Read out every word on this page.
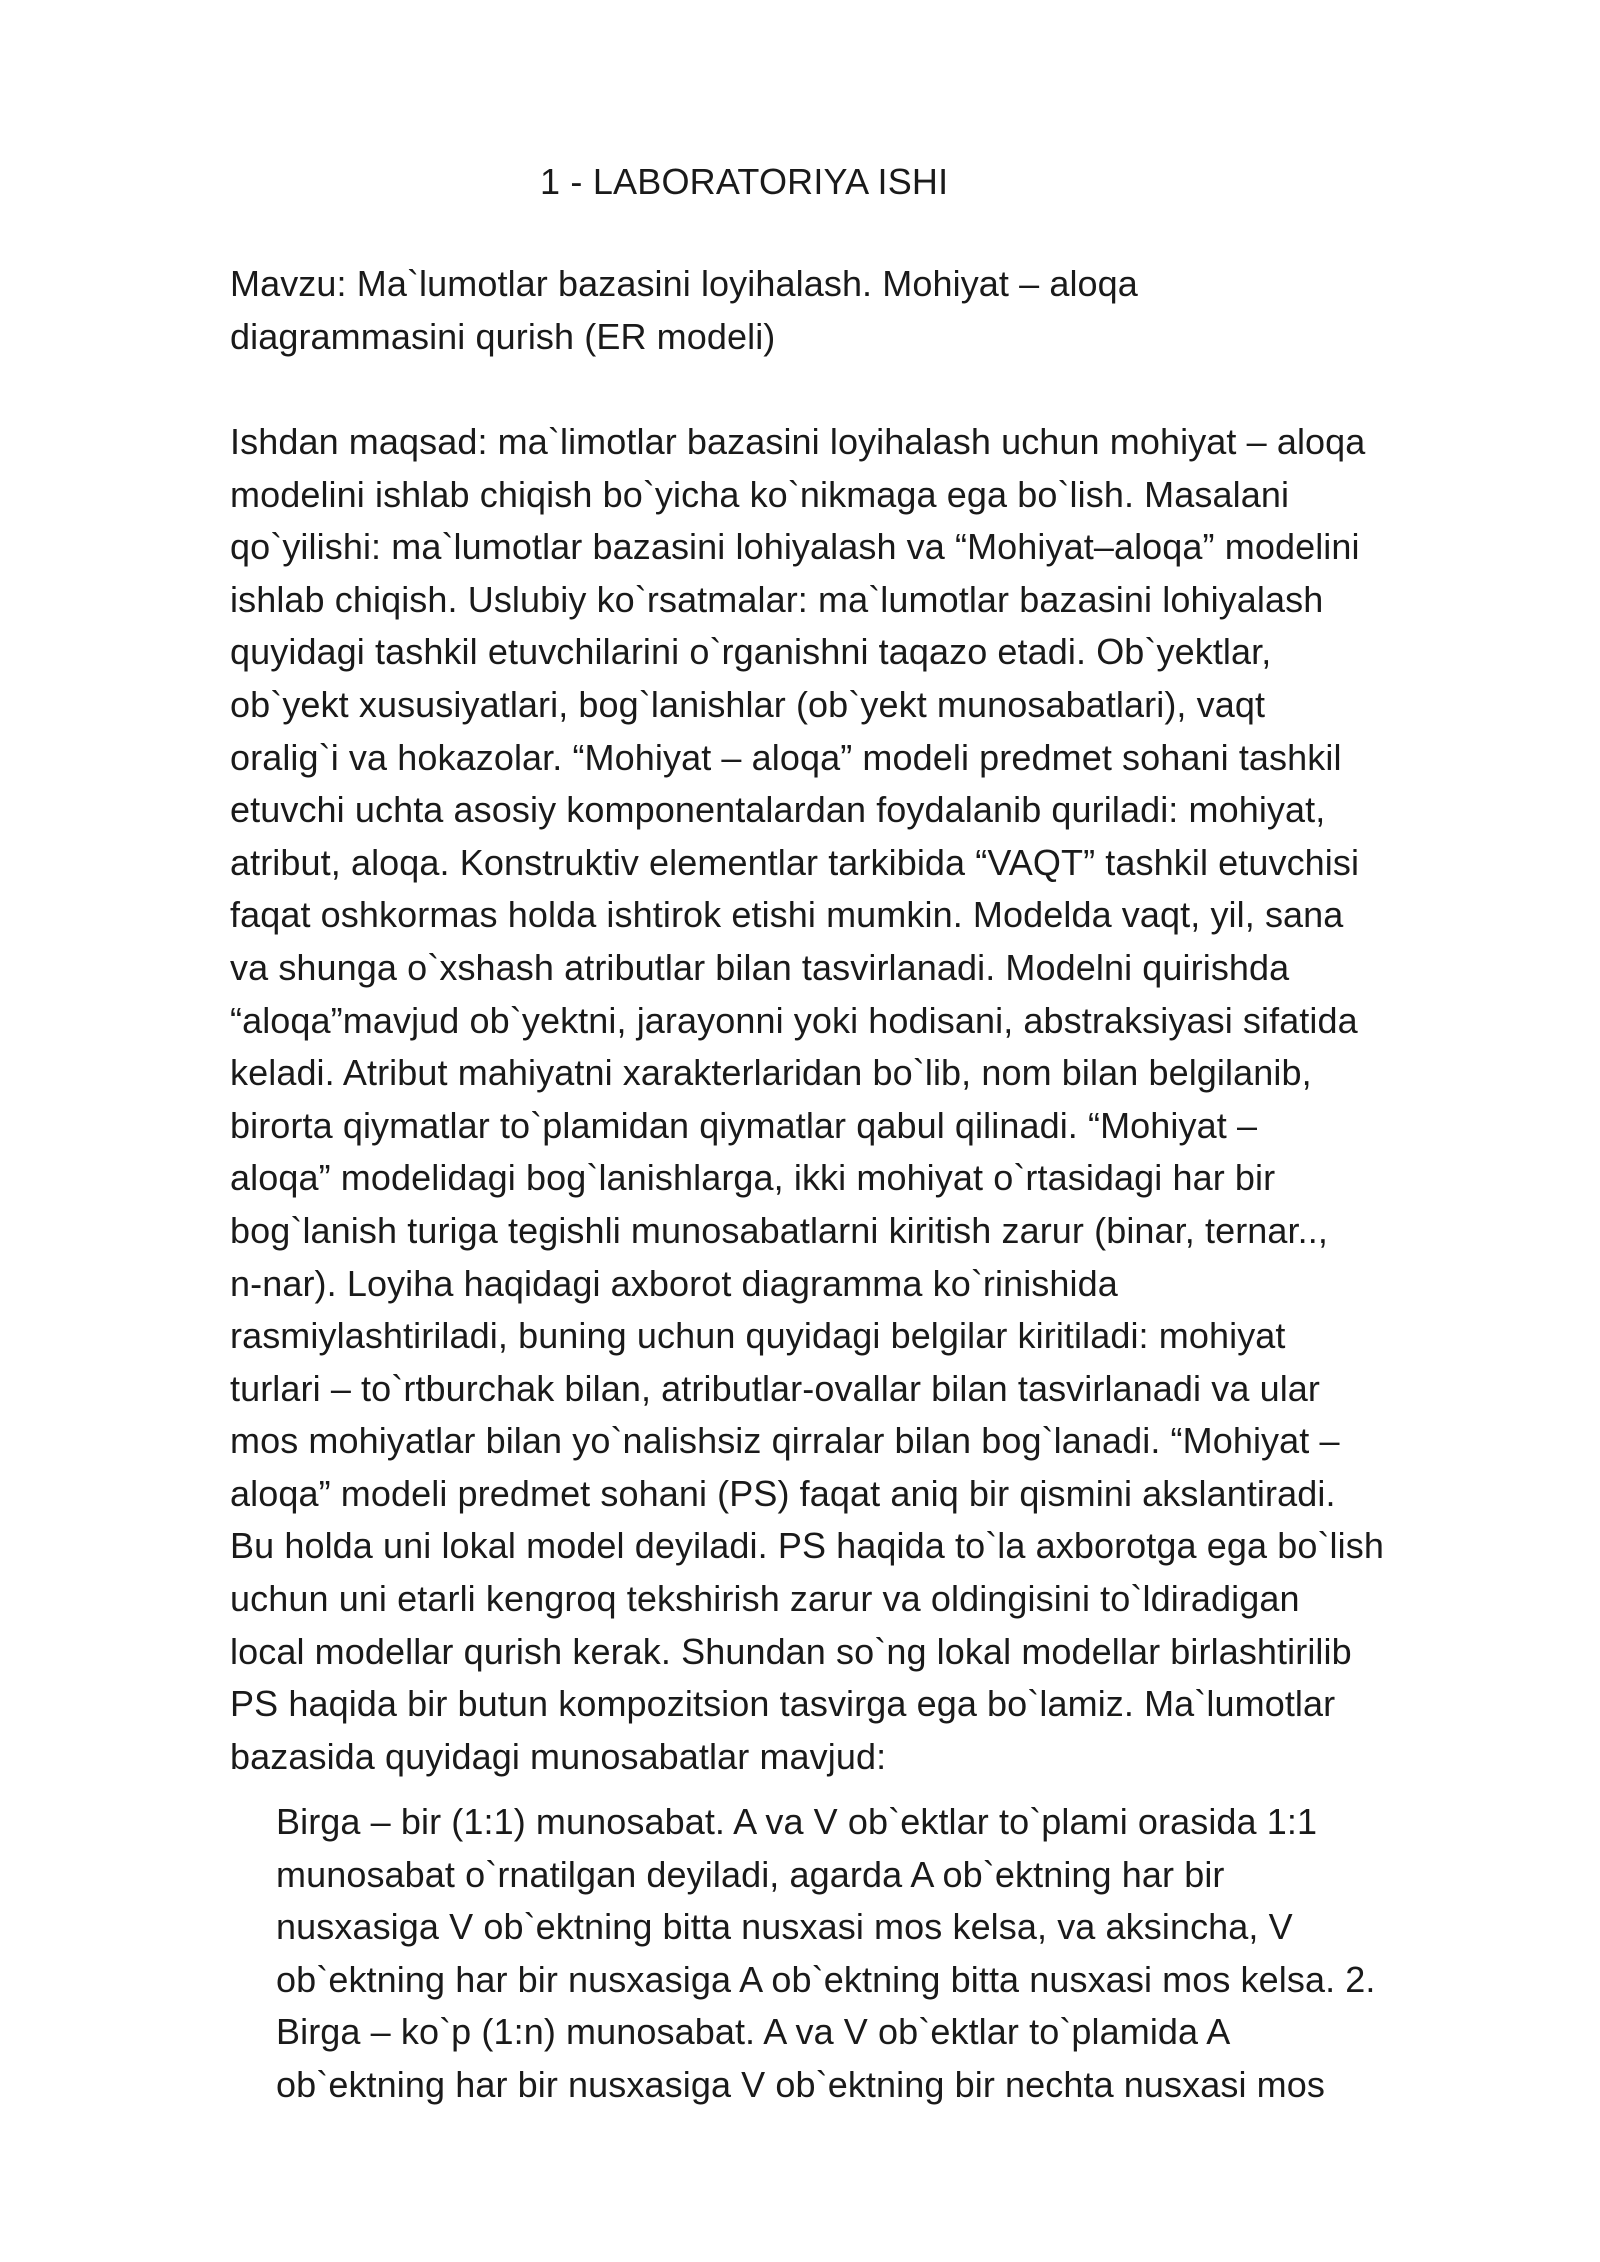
1 - LABORATORIYA ISHI

Mavzu: Ma`lumotlar bazasini loyihalash. Mohiyat – aloqa
diagrammasini qurish (ER modeli)

Ishdan maqsad: ma`limotlar bazasini loyihalash uchun mohiyat – aloqa
modelini ishlab chiqish bo`yicha ko`nikmaga ega bo`lish. Masalani
qo`yilishi: ma`lumotlar bazasini lohiyalash va “Mohiyat–aloqa” modelini
ishlab chiqish. Uslubiy ko`rsatmalar: ma`lumotlar bazasini lohiyalash
quyidagi tashkil etuvchilarini o`rganishni taqazo etadi. Ob`yektlar,
ob`yekt xususiyatlari, bog`lanishlar (ob`yekt munosabatlari), vaqt
oralig`i va hokazolar. “Mohiyat – aloqa” modeli predmet sohani tashkil
etuvchi uchta asosiy komponentalardan foydalanib quriladi: mohiyat,
atribut, aloqa. Konstruktiv elementlar tarkibida “VAQT” tashkil etuvchisi
faqat oshkormas holda ishtirok etishi mumkin. Modelda vaqt, yil, sana
va shunga o`xshash atributlar bilan tasvirlanadi. Modelni quirishda
“aloqa”mavjud ob`yektni, jarayonni yoki hodisani, abstraksiyasi sifatida
keladi. Atribut mahiyatni xarakterlaridan bo`lib, nom bilan belgilanib,
birorta qiymatlar to`plamidan qiymatlar qabul qilinadi. “Mohiyat –
aloqa” modelidagi bog`lanishlarga, ikki mohiyat o`rtasidagi har bir
bog`lanish turiga tegishli munosabatlarni kiritish zarur (binar, ternar..,
n-nar). Loyiha haqidagi axborot diagramma ko`rinishida
rasmiylashtiriladi, buning uchun quyidagi belgilar kiritiladi: mohiyat
turlari – to`rtburchak bilan, atributlar-ovallar bilan tasvirlanadi va ular
mos mohiyatlar bilan yo`nalishsiz qirralar bilan bog`lanadi. “Mohiyat –
aloqa” modeli predmet sohani (PS) faqat aniq bir qismini akslantiradi.
Bu holda uni lokal model deyiladi. PS haqida to`la axborotga ega bo`lish
uchun uni etarli kengroq tekshirish zarur va oldingisini to`ldiradigan
local modellar qurish kerak. Shundan so`ng lokal modellar birlashtirilib
PS haqida bir butun kompozitsion tasvirga ega bo`lamiz. Ma`lumotlar
bazasida quyidagi munosabatlar mavjud:

Birga – bir (1:1) munosabat. A va V ob`ektlar to`plami orasida 1:1
munosabat o`rnatilgan deyiladi, agarda A ob`ektning har bir
nusxasiga V ob`ektning bitta nusxasi mos kelsa, va aksincha, V
ob`ektning har bir nusxasiga A ob`ektning bitta nusxasi mos kelsa. 2.
Birga – ko`p (1:n) munosabat. A va V ob`ektlar to`plamida A
ob`ektning har bir nusxasiga V ob`ektning bir nechta nusxasi mos
